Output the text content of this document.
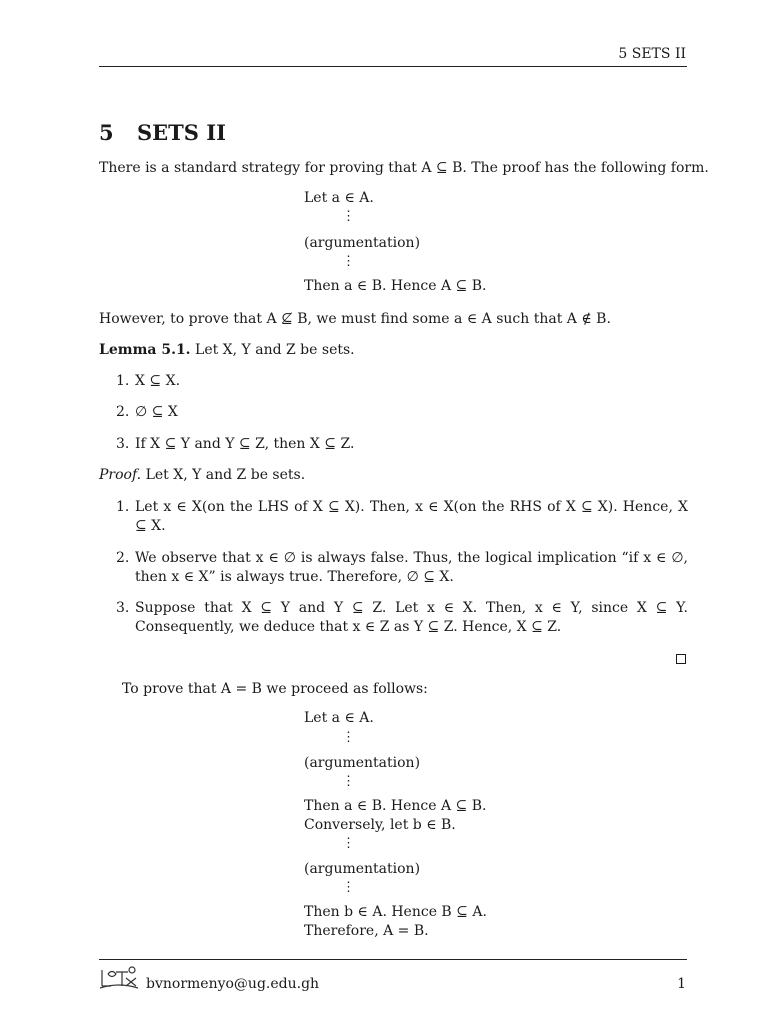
5 SETS II
5 SETS II
There is a standard strategy for proving that A ⊆ B. The proof has the following form.
Let a ∈ A.
⋮
(argumentation)
⋮
Then a ∈ B. Hence A ⊆ B.
However, to prove that A ⊈ B, we must find some a ∈ A such that A ∉ B.
Lemma 5.1. Let X, Y and Z be sets.
1. X ⊆ X.
2. ∅ ⊆ X
3. If X ⊆ Y and Y ⊆ Z, then X ⊆ Z.
Proof. Let X, Y and Z be sets.
1. Let x ∈ X(on the LHS of X ⊆ X). Then, x ∈ X(on the RHS of X ⊆ X). Hence, X ⊆ X.
2. We observe that x ∈ ∅ is always false. Thus, the logical implication “if x ∈ ∅, then x ∈ X” is always true. Therefore, ∅ ⊆ X.
3. Suppose that X ⊆ Y and Y ⊆ Z. Let x ∈ X. Then, x ∈ Y, since X ⊆ Y. Consequently, we deduce that x ∈ Z as Y ⊆ Z. Hence, X ⊆ Z.
To prove that A = B we proceed as follows:
Let a ∈ A.
⋮
(argumentation)
⋮
Then a ∈ B. Hence A ⊆ B.
Conversely, let b ∈ B.
⋮
(argumentation)
⋮
Then b ∈ A. Hence B ⊆ A.
Therefore, A = B.
bvnormenyo@ug.edu.gh	1
